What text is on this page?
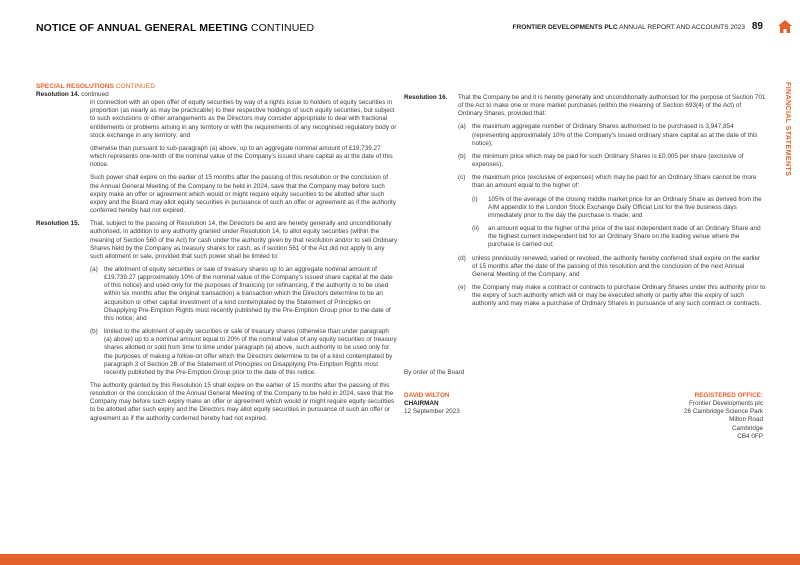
NOTICE OF ANNUAL GENERAL MEETING CONTINUED	FRONTIER DEVELOPMENTS PLC ANNUAL REPORT AND ACCOUNTS 2023 89
FINANCIAL STATEMENTS
SPECIAL RESOLUTIONS CONTINUED
Resolution 14. continued

in connection with an open offer of equity securities by way of a rights issue to holders of equity securities in proportion (as nearly as may be practicable) to their respective holdings of such equity securities, but subject to such exclusions or other arrangements as the Directors may consider appropriate to deal with fractional entitlements or problems arising in any territory or with the requirements of any recognised regulatory body or stock exchange in any territory; and

otherwise than pursuant to sub-paragraph (a) above, up to an aggregate nominal amount of £19,739.27 which represents one-tenth of the nominal value of the Company's issued share capital as at the date of this notice.

Such power shall expire on the earlier of 15 months after the passing of this resolution or the conclusion of the Annual General Meeting of the Company to be held in 2024, save that the Company may before such expiry make an offer or agreement which would or might require equity securities to be allotted after such expiry and the Board may allot equity securities in pursuance of such an offer or agreement as if the authority conferred hereby had not expired.

Resolution 15. That, subject to the passing of Resolution 14, the Directors be and are hereby generally and unconditionally authorised, in addition to any authority granted under Resolution 14, to allot equity securities (within the meaning of Section 560 of the Act) for cash under the authority given by that resolution and/or to sell Ordinary Shares held by the Company as treasury shares for cash, as if section 561 of the Act did not apply to any such allotment or sale, provided that such power shall be limited to:

(a) the allotment of equity securities or sale of treasury shares up to an aggregate nominal amount of £19,739.27 (approximately 10% of the nominal value of the Company's issued share capital at the date of this notice) and used only for the purposes of financing (or refinancing, if the authority is to be used within six months after the original transaction) a transaction which the Directors determine to be an acquisition or other capital investment of a kind contemplated by the Statement of Principles on Disapplying Pre-Emption Rights most recently published by the Pre-Emption Group prior to the date of this notice; and
(b) limited to the allotment of equity securities or sale of treasury shares (otherwise than under paragraph (a) above) up to a nominal amount equal to 20% of the nominal value of any equity securities or treasury shares allotted or sold from time to time under paragraph (a) above, such authority to be used only for the purposes of making a follow-on offer which the Directors determine to be of a kind contemplated by paragraph 3 of Section 2B of the Statement of Principles on Disapplying Pre-Emption Rights most recently published by the Pre-Emption Group prior to the date of this notice.

The authority granted by this Resolution 15 shall expire on the earlier of 15 months after the passing of this resolution or the conclusion of the Annual General Meeting of the Company to be held in 2024, save that the Company may before such expiry make an offer or agreement which would or might require equity securities to be allotted after such expiry and the Directors may allot equity securities in pursuance of such an offer or agreement as if the authority conferred hereby had not expired.

Resolution 16. That the Company be and it is hereby generally and unconditionally authorised for the purpose of Section 701 of the Act to make one or more market purchases (within the meaning of Section 693(4) of the Act) of Ordinary Shares, provided that:

(a) the maximum aggregate number of Ordinary Shares authorised to be purchased is 3,947,854 (representing approximately 10% of the Company's issued ordinary share capital as at the date of this notice);
(b) the minimum price which may be paid for such Ordinary Shares is £0.005 per share (exclusive of expenses);
(c) the maximum price (exclusive of expenses) which may be paid for an Ordinary Share cannot be more than an amount equal to the higher of:
(i) 105% of the average of the closing middle market price for an Ordinary Share as derived from the AIM appendix to the London Stock Exchange Daily Official List for the five business days immediately prior to the day the purchase is made; and
(ii) an amount equal to the higher of the price of the last independent trade of an Ordinary Share and the highest current independent bid for an Ordinary Share on the trading venue where the purchase is carried out;
(d) unless previously renewed, varied or revoked, the authority hereby conferred shall expire on the earlier of 15 months after the date of the passing of this resolution and the conclusion of the next Annual General Meeting of the Company; and
(e) the Company may make a contract or contracts to purchase Ordinary Shares under this authority prior to the expiry of such authority which will or may be executed wholly or partly after the expiry of such authority and may make a purchase of Ordinary Shares in pursuance of any such contract or contracts.
By order of the Board
DAVID WILTON
CHAIRMAN
12 September 2023
REGISTERED OFFICE:
Frontier Developments plc
26 Cambridge Science Park
Milton Road
Cambridge
CB4 0FP
